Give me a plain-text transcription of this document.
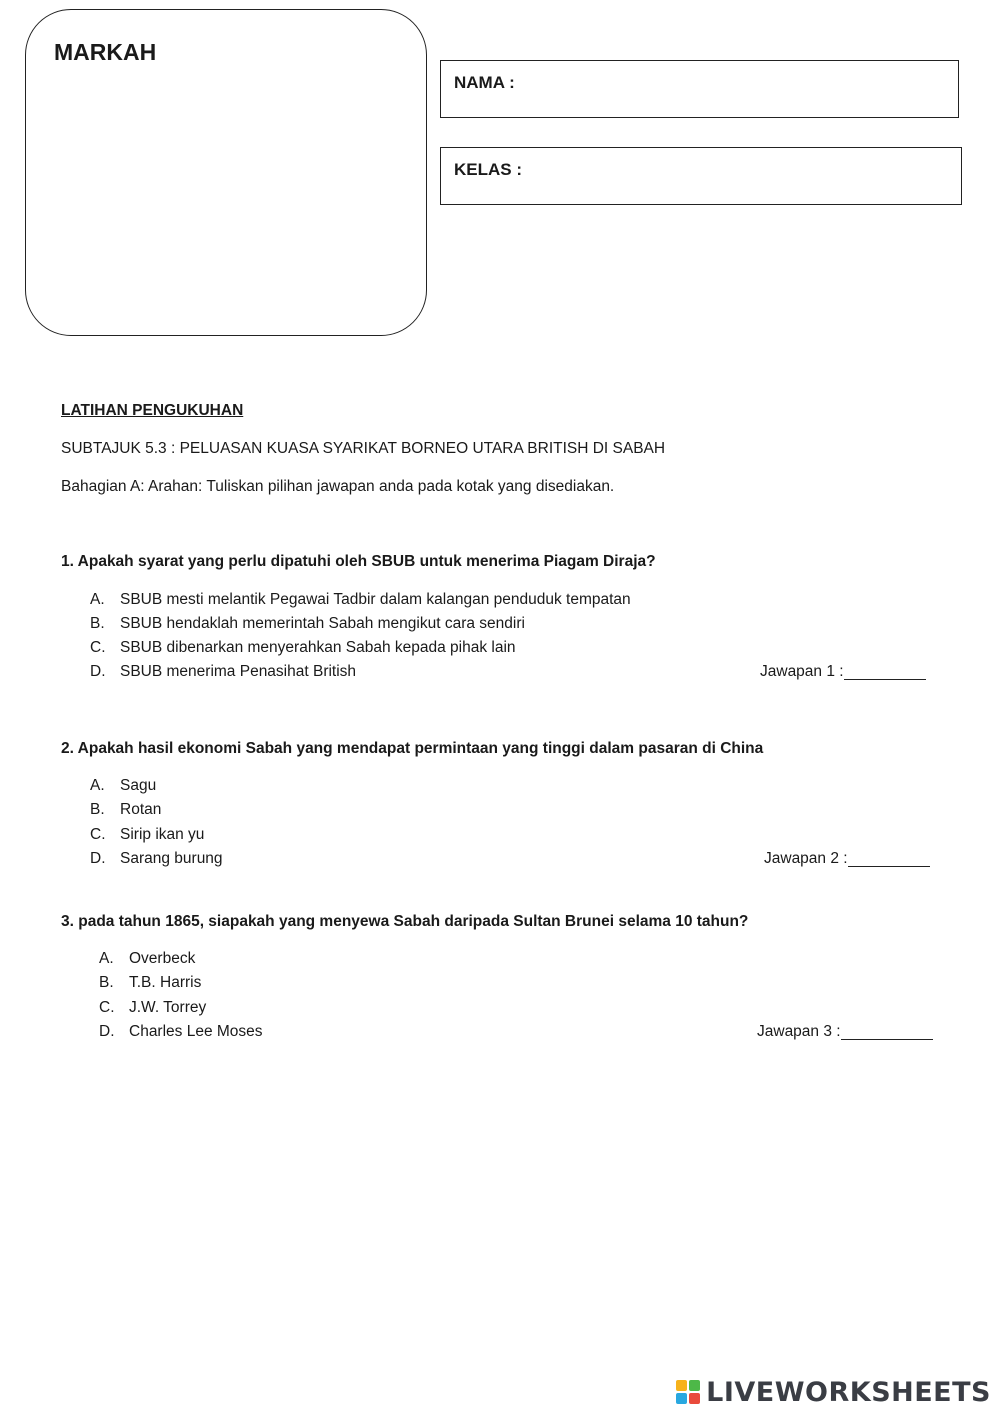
MARKAH
NAMA :
KELAS :
LATIHAN PENGUKUHAN
SUBTAJUK 5.3 : PELUASAN KUASA SYARIKAT BORNEO UTARA BRITISH DI SABAH
Bahagian A: Arahan: Tuliskan pilihan jawapan anda pada kotak yang disediakan.
1. Apakah syarat yang perlu dipatuhi oleh SBUB untuk menerima Piagam Diraja?
A. SBUB mesti melantik Pegawai Tadbir dalam kalangan penduduk tempatan
B. SBUB hendaklah memerintah Sabah mengikut cara sendiri
C. SBUB dibenarkan menyerahkan Sabah kepada pihak lain
D. SBUB menerima Penasihat British	Jawapan 1 :
2. Apakah hasil ekonomi Sabah yang mendapat permintaan yang tinggi dalam pasaran di China
A. Sagu
B. Rotan
C. Sirip ikan yu
D. Sarang burung	Jawapan 2 :
3. pada tahun 1865, siapakah yang menyewa Sabah daripada Sultan Brunei selama 10 tahun?
A. Overbeck
B. T.B. Harris
C. J.W. Torrey
D. Charles Lee Moses	Jawapan 3 :
LIVEWORKSHEETS
